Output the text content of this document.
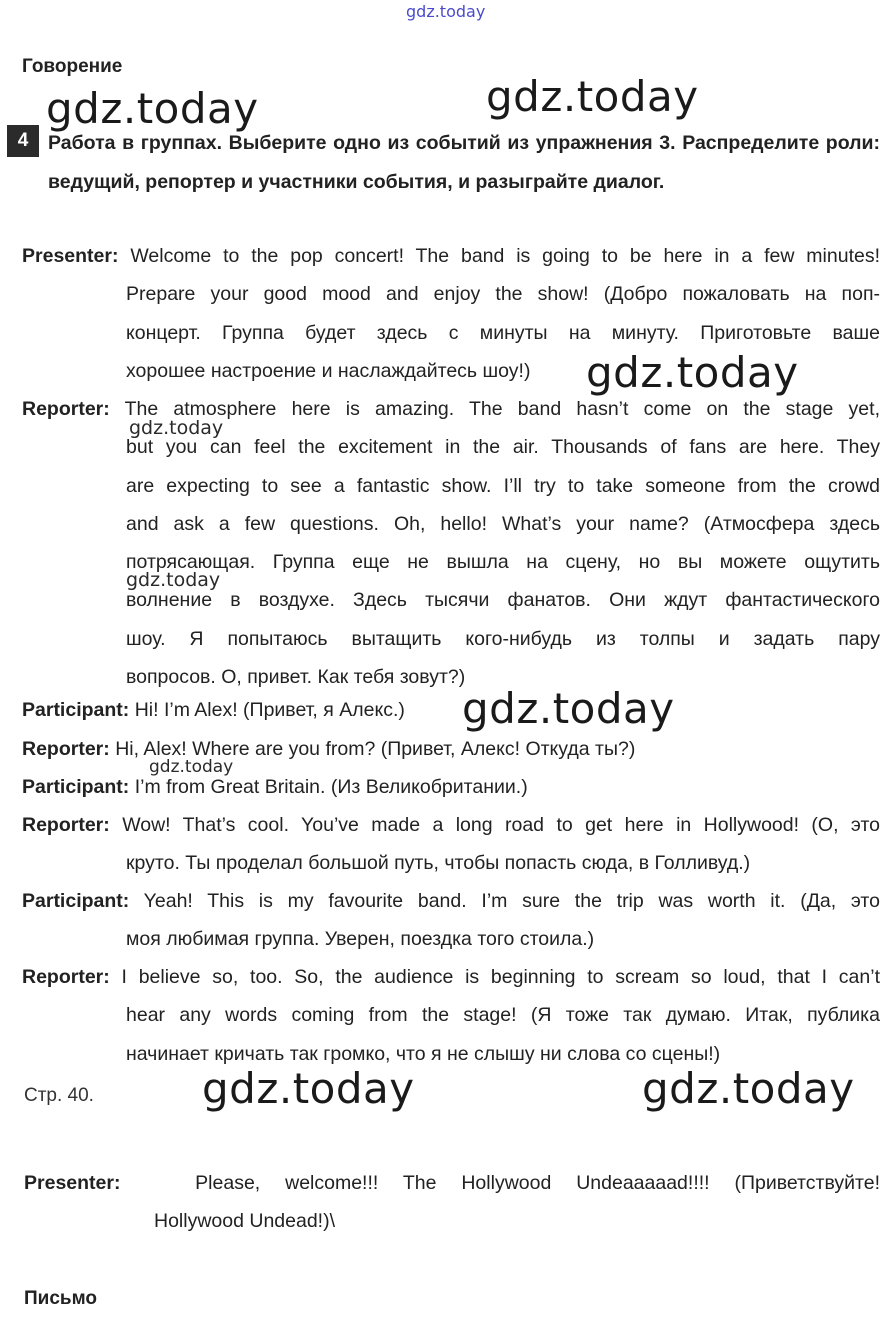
gdz.today
Говорение
gdz.today	gdz.today
4	Работа в группах. Выберите одно из событий из упражнения 3. Распределите роли: ведущий, репортер и участники события, и разыграйте диалог.
Presenter: Welcome to the pop concert! The band is going to be here in a few minutes!
Prepare your good mood and enjoy the show! (Добро пожаловать на поп-
концерт. Группа будет здесь с минуты на минуту. Приготовьте ваше
хорошее настроение и наслаждайтесь шоу!)	gdz.today
Reporter: The atmosphere here is amazing. The band hasn’t come on the stage yet,
but you can feel the excitement in the air. Thousands of fans are here. They
are expecting to see a fantastic show. I’ll try to take someone from the crowd
and ask a few questions. Oh, hello! What’s your name? (Атмосфера здесь
потрясающая. Группа еще не вышла на сцену, но вы можете ощутить
волнение в воздухе. Здесь тысячи фанатов. Они ждут фантастического
шоу. Я попытаюсь вытащить кого-нибудь из толпы и задать пару
вопросов. О, привет. Как тебя зовут?)
gdz.today
gdz.today
Participant: Hi! I’m Alex! (Привет, я Алекс.)	gdz.today
Reporter: Hi, Alex! Where are you from? (Привет, Алекс! Откуда ты?)
gdz.today
Participant: I’m from Great Britain. (Из Великобритании.)
Reporter: Wow! That’s cool. You’ve made a long road to get here in Hollywood! (О, это
круто. Ты проделал большой путь, чтобы попасть сюда, в Голливуд.)
Participant: Yeah! This is my favourite band. I’m sure the trip was worth it. (Да, это
моя любимая группа. Уверен, поездка того стоила.)
Reporter: I believe so, too. So, the audience is beginning to scream so loud, that I can’t
hear any words coming from the stage! (Я тоже так думаю. Итак, публика
начинает кричать так громко, что я не слышу ни слова со сцены!)
Стр. 40.	gdz.today	gdz.today
Presenter:	Please, welcome!!! The Hollywood Undeaaaaad!!!! (Приветствуйте!
Hollywood Undead!)\
Письмо
